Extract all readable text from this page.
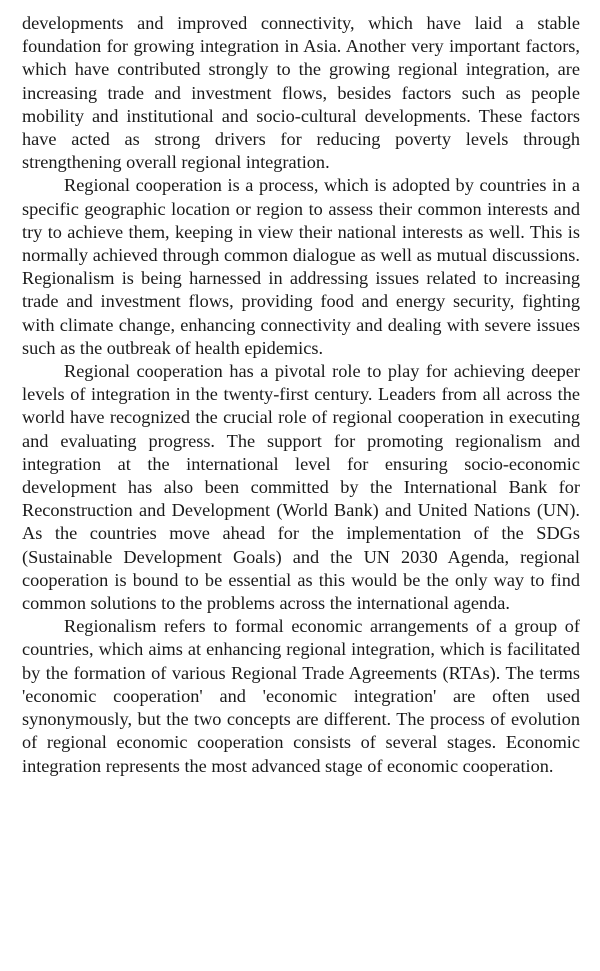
developments and improved connectivity, which have laid a stable foundation for growing integration in Asia. Another very important factors, which have contributed strongly to the growing regional integration, are increasing trade and investment flows, besides factors such as people mobility and institutional and socio-cultural developments. These factors have acted as strong drivers for reducing poverty levels through strengthening overall regional integration.

Regional cooperation is a process, which is adopted by countries in a specific geographic location or region to assess their common interests and try to achieve them, keeping in view their national interests as well. This is normally achieved through common dialogue as well as mutual discussions. Regionalism is being harnessed in addressing issues related to increasing trade and investment flows, providing food and energy security, fighting with climate change, enhancing connectivity and dealing with severe issues such as the outbreak of health epidemics.

Regional cooperation has a pivotal role to play for achieving deeper levels of integration in the twenty-first century. Leaders from all across the world have recognized the crucial role of regional cooperation in executing and evaluating progress. The support for promoting regionalism and integration at the international level for ensuring socio-economic development has also been committed by the International Bank for Reconstruction and Development (World Bank) and United Nations (UN). As the countries move ahead for the implementation of the SDGs (Sustainable Development Goals) and the UN 2030 Agenda, regional cooperation is bound to be essential as this would be the only way to find common solutions to the problems across the international agenda.

Regionalism refers to formal economic arrangements of a group of countries, which aims at enhancing regional integration, which is facilitated by the formation of various Regional Trade Agreements (RTAs). The terms 'economic cooperation' and 'economic integration' are often used synonymously, but the two concepts are different. The process of evolution of regional economic cooperation consists of several stages. Economic integration represents the most advanced stage of economic cooperation.
